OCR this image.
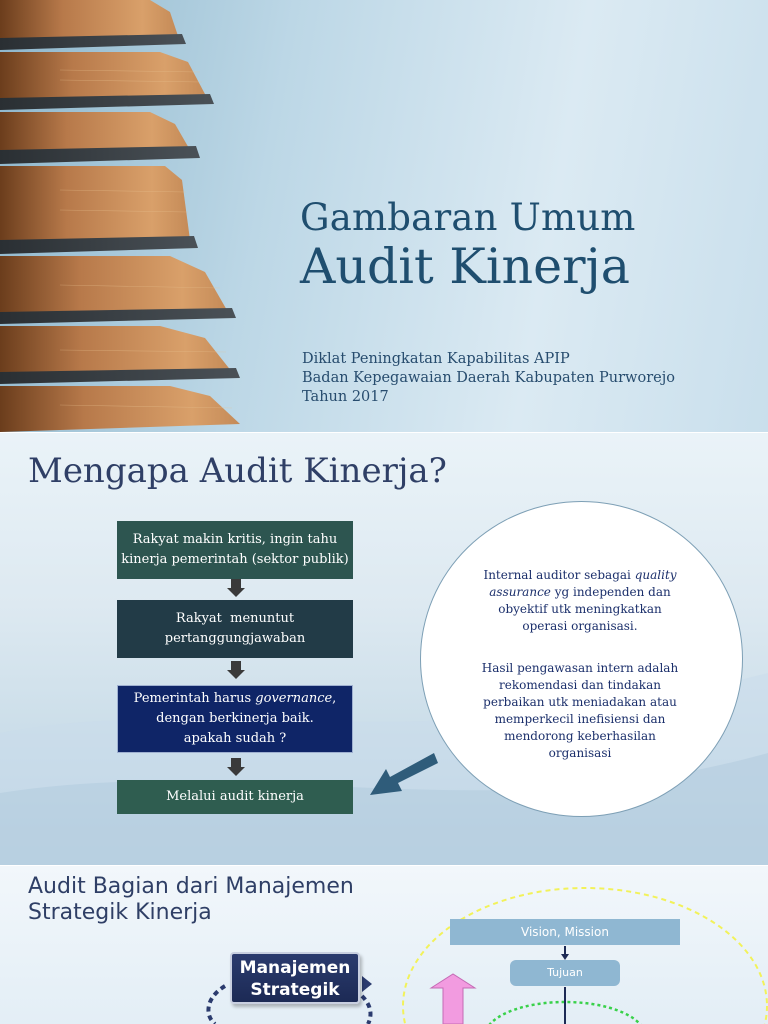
Gambaran Umum
Audit Kinerja
Diklat Peningkatan Kapabilitas APIP
Badan Kepegawaian Daerah Kabupaten Purworejo
Tahun 2017
Mengapa Audit Kinerja?
Rakyat makin kritis, ingin tahu
kinerja pemerintah (sektor publik)
Rakyat  menuntut
pertanggungjawaban
Pemerintah harus governance,
dengan berkinerja baik.
apakah sudah ?
Melalui audit kinerja
Internal auditor sebagai quality assurance yg independen dan obyektif utk meningkatkan operasi organisasi.
Hasil pengawasan intern adalah rekomendasi dan tindakan perbaikan utk meniadakan atau memperkecil inefisiensi dan mendorong keberhasilan organisasi
Audit Bagian dari Manajemen
Strategik Kinerja
Manajemen
Strategik
Vision, Mission
Tujuan
